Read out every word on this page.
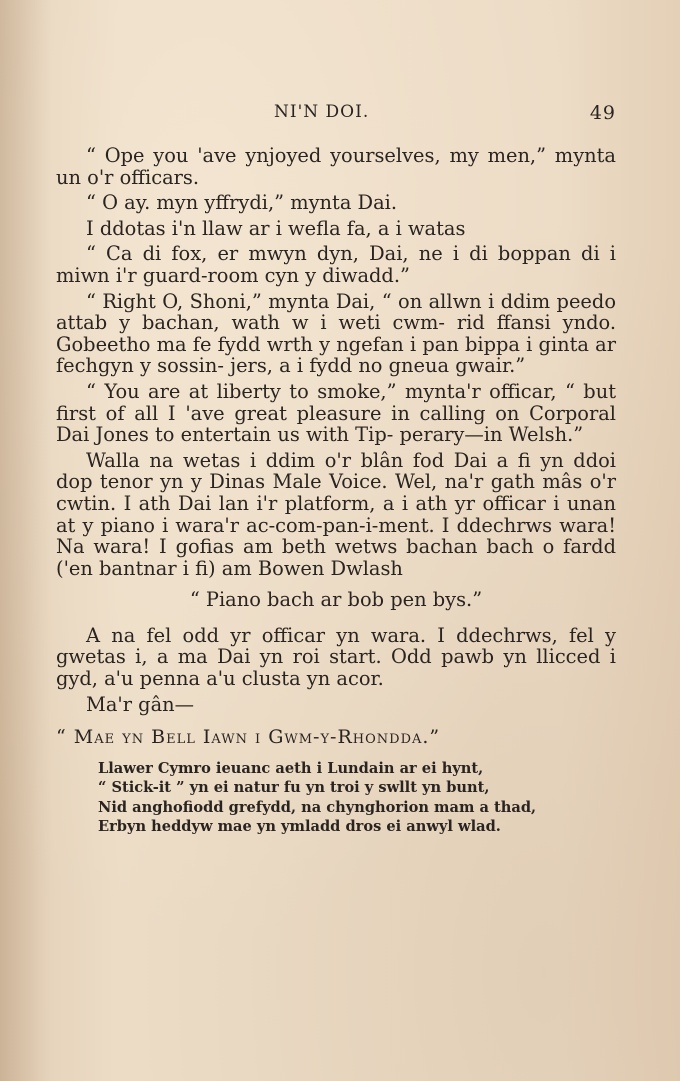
NI'N DOI.	49

“ Ope you 'ave ynjoyed yourselves, my men,” mynta un o'r officars.

“ O ay. myn yffrydi,” mynta Dai.

I ddotas i'n llaw ar i wefla fa, a i watas

“ Ca di fox, er mwyn dyn, Dai, ne i di boppan di i miwn i'r guard-room cyn y diwadd.”

“ Right O, Shoni,” mynta Dai, “ on allwn i ddim peedo attab y bachan, wath w i weti cwm- rid ffansi yndo. Gobeetho ma fe fydd wrth y ngefan i pan bippa i ginta ar fechgyn y sossin- jers, a i fydd no gneua gwair.”

“ You are at liberty to smoke,” mynta'r officar, “ but first of all I 'ave great pleasure in calling on Corporal Dai Jones to entertain us with Tip- perary—in Welsh.”

Walla na wetas i ddim o'r blân fod Dai a fi yn ddoi dop tenor yn y Dinas Male Voice. Wel, na'r gath mâs o'r cwtin. I ath Dai lan i'r platform, a i ath yr officar i unan at y piano i wara'r ac-com-pan-i-ment. I ddechrws wara! Na wara! I gofias am beth wetws bachan bach o fardd ('en bantnar i fi) am Bowen Dwlash

“ Piano bach ar bob pen bys.”

A na fel odd yr officar yn wara. I ddechrws, fel y gwetas i, a ma Dai yn roi start. Odd pawb yn llicced i gyd, a'u penna a'u clusta yn acor.

Ma'r gân—

“ Mae yn Bell Iawn i Gwm-y-Rhondda.”
Llawer Cymro ieuanc aeth i Lundain ar ei hynt,
“ Stick-it ” yn ei natur fu yn troi y swllt yn bunt,
Nid anghofiodd grefydd, na chynghorion mam a thad,
Erbyn heddyw mae yn ymladd dros ei anwyl wlad.
